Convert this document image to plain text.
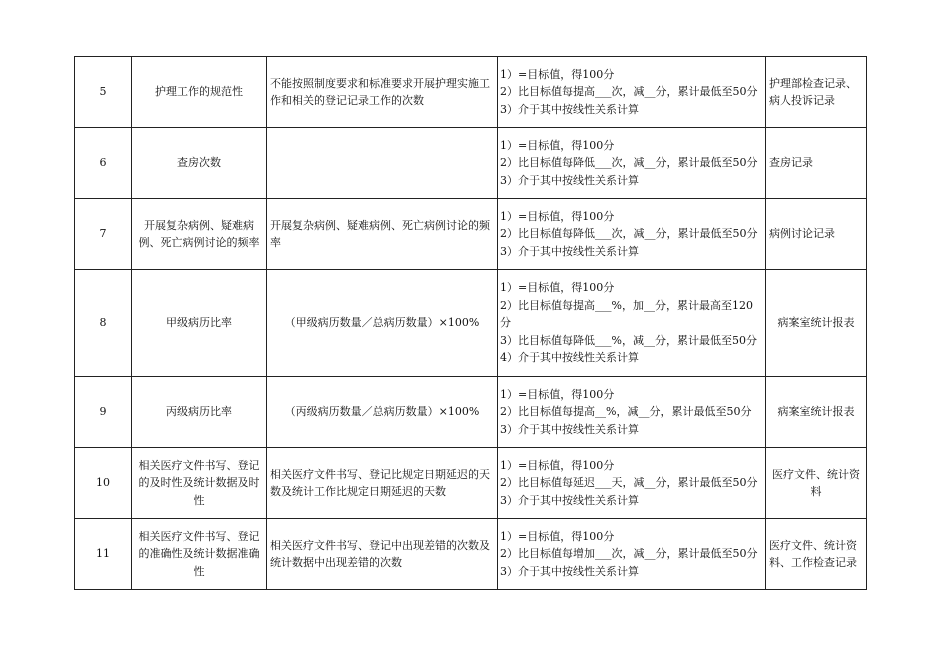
5	护理工作的规范性	不能按照制度要求和标准要求开展护理实施工作和相关的登记记录工作的次数	1）=目标值，得100分
2）比目标值每提高___次，减__分，累计最低至50分
3）介于其中按线性关系计算	护理部检查记录、病人投诉记录
6	查房次数		1）=目标值，得100分
2）比目标值每降低___次，减__分，累计最低至50分
3）介于其中按线性关系计算	查房记录
7	开展复杂病例、疑难病例、死亡病例讨论的频率	开展复杂病例、疑难病例、死亡病例讨论的频率	1）=目标值，得100分
2）比目标值每降低___次，减__分，累计最低至50分
3）介于其中按线性关系计算	病例讨论记录
8	甲级病历比率	（甲级病历数量／总病历数量）×100%	1）=目标值，得100分
2）比目标值每提高___%，加__分，累计最高至120分
3）比目标值每降低___%，减__分，累计最低至50分
4）介于其中按线性关系计算	病案室统计报表
9	丙级病历比率	（丙级病历数量／总病历数量）×100%	1）=目标值，得100分
2）比目标值每提高__%，减__分，累计最低至50分
3）介于其中按线性关系计算	病案室统计报表
10	相关医疗文件书写、登记的及时性及统计数据及时性	相关医疗文件书写、登记比规定日期延迟的天数及统计工作比规定日期延迟的天数	1）=目标值，得100分
2）比目标值每延迟___天，减__分，累计最低至50分
3）介于其中按线性关系计算	医疗文件、统计资料
11	相关医疗文件书写、登记的准确性及统计数据准确性	相关医疗文件书写、登记中出现差错的次数及统计数据中出现差错的次数	1）=目标值，得100分
2）比目标值每增加___次，减__分，累计最低至50分
3）介于其中按线性关系计算	医疗文件、统计资料、工作检查记录
